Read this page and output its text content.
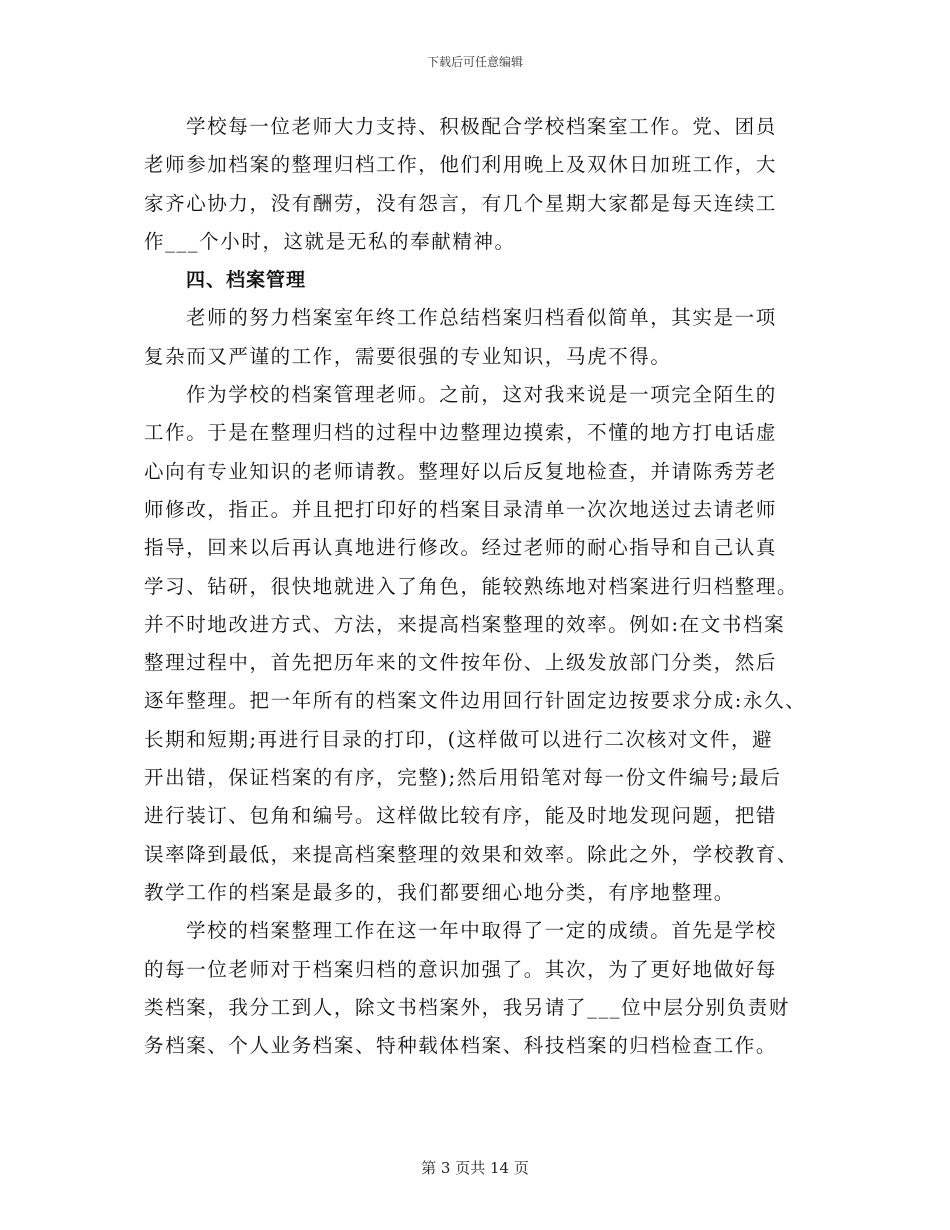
下载后可任意编辑
学校每一位老师大力支持、积极配合学校档案室工作。党、团员
老师参加档案的整理归档工作，他们利用晚上及双休日加班工作，大
家齐心协力，没有酬劳，没有怨言，有几个星期大家都是每天连续工
作___个小时，这就是无私的奉献精神。
四、档案管理
老师的努力档案室年终工作总结档案归档看似简单，其实是一项
复杂而又严谨的工作，需要很强的专业知识，马虎不得。
作为学校的档案管理老师。之前，这对我来说是一项完全陌生的
工作。于是在整理归档的过程中边整理边摸索，不懂的地方打电话虚
心向有专业知识的老师请教。整理好以后反复地检查，并请陈秀芳老
师修改，指正。并且把打印好的档案目录清单一次次地送过去请老师
指导，回来以后再认真地进行修改。经过老师的耐心指导和自己认真
学习、钻研，很快地就进入了角色，能较熟练地对档案进行归档整理。
并不时地改进方式、方法，来提高档案整理的效率。例如:在文书档案
整理过程中，首先把历年来的文件按年份、上级发放部门分类，然后
逐年整理。把一年所有的档案文件边用回行针固定边按要求分成:永久、
长期和短期;再进行目录的打印，(这样做可以进行二次核对文件，避
开出错，保证档案的有序，完整);然后用铅笔对每一份文件编号;最后
进行装订、包角和编号。这样做比较有序，能及时地发现问题，把错
误率降到最低，来提高档案整理的效果和效率。除此之外，学校教育、
教学工作的档案是最多的，我们都要细心地分类，有序地整理。
学校的档案整理工作在这一年中取得了一定的成绩。首先是学校
的每一位老师对于档案归档的意识加强了。其次，为了更好地做好每
类档案，我分工到人，除文书档案外，我另请了___位中层分别负责财
务档案、个人业务档案、特种载体档案、科技档案的归档检查工作。
第 3 页共 14 页
